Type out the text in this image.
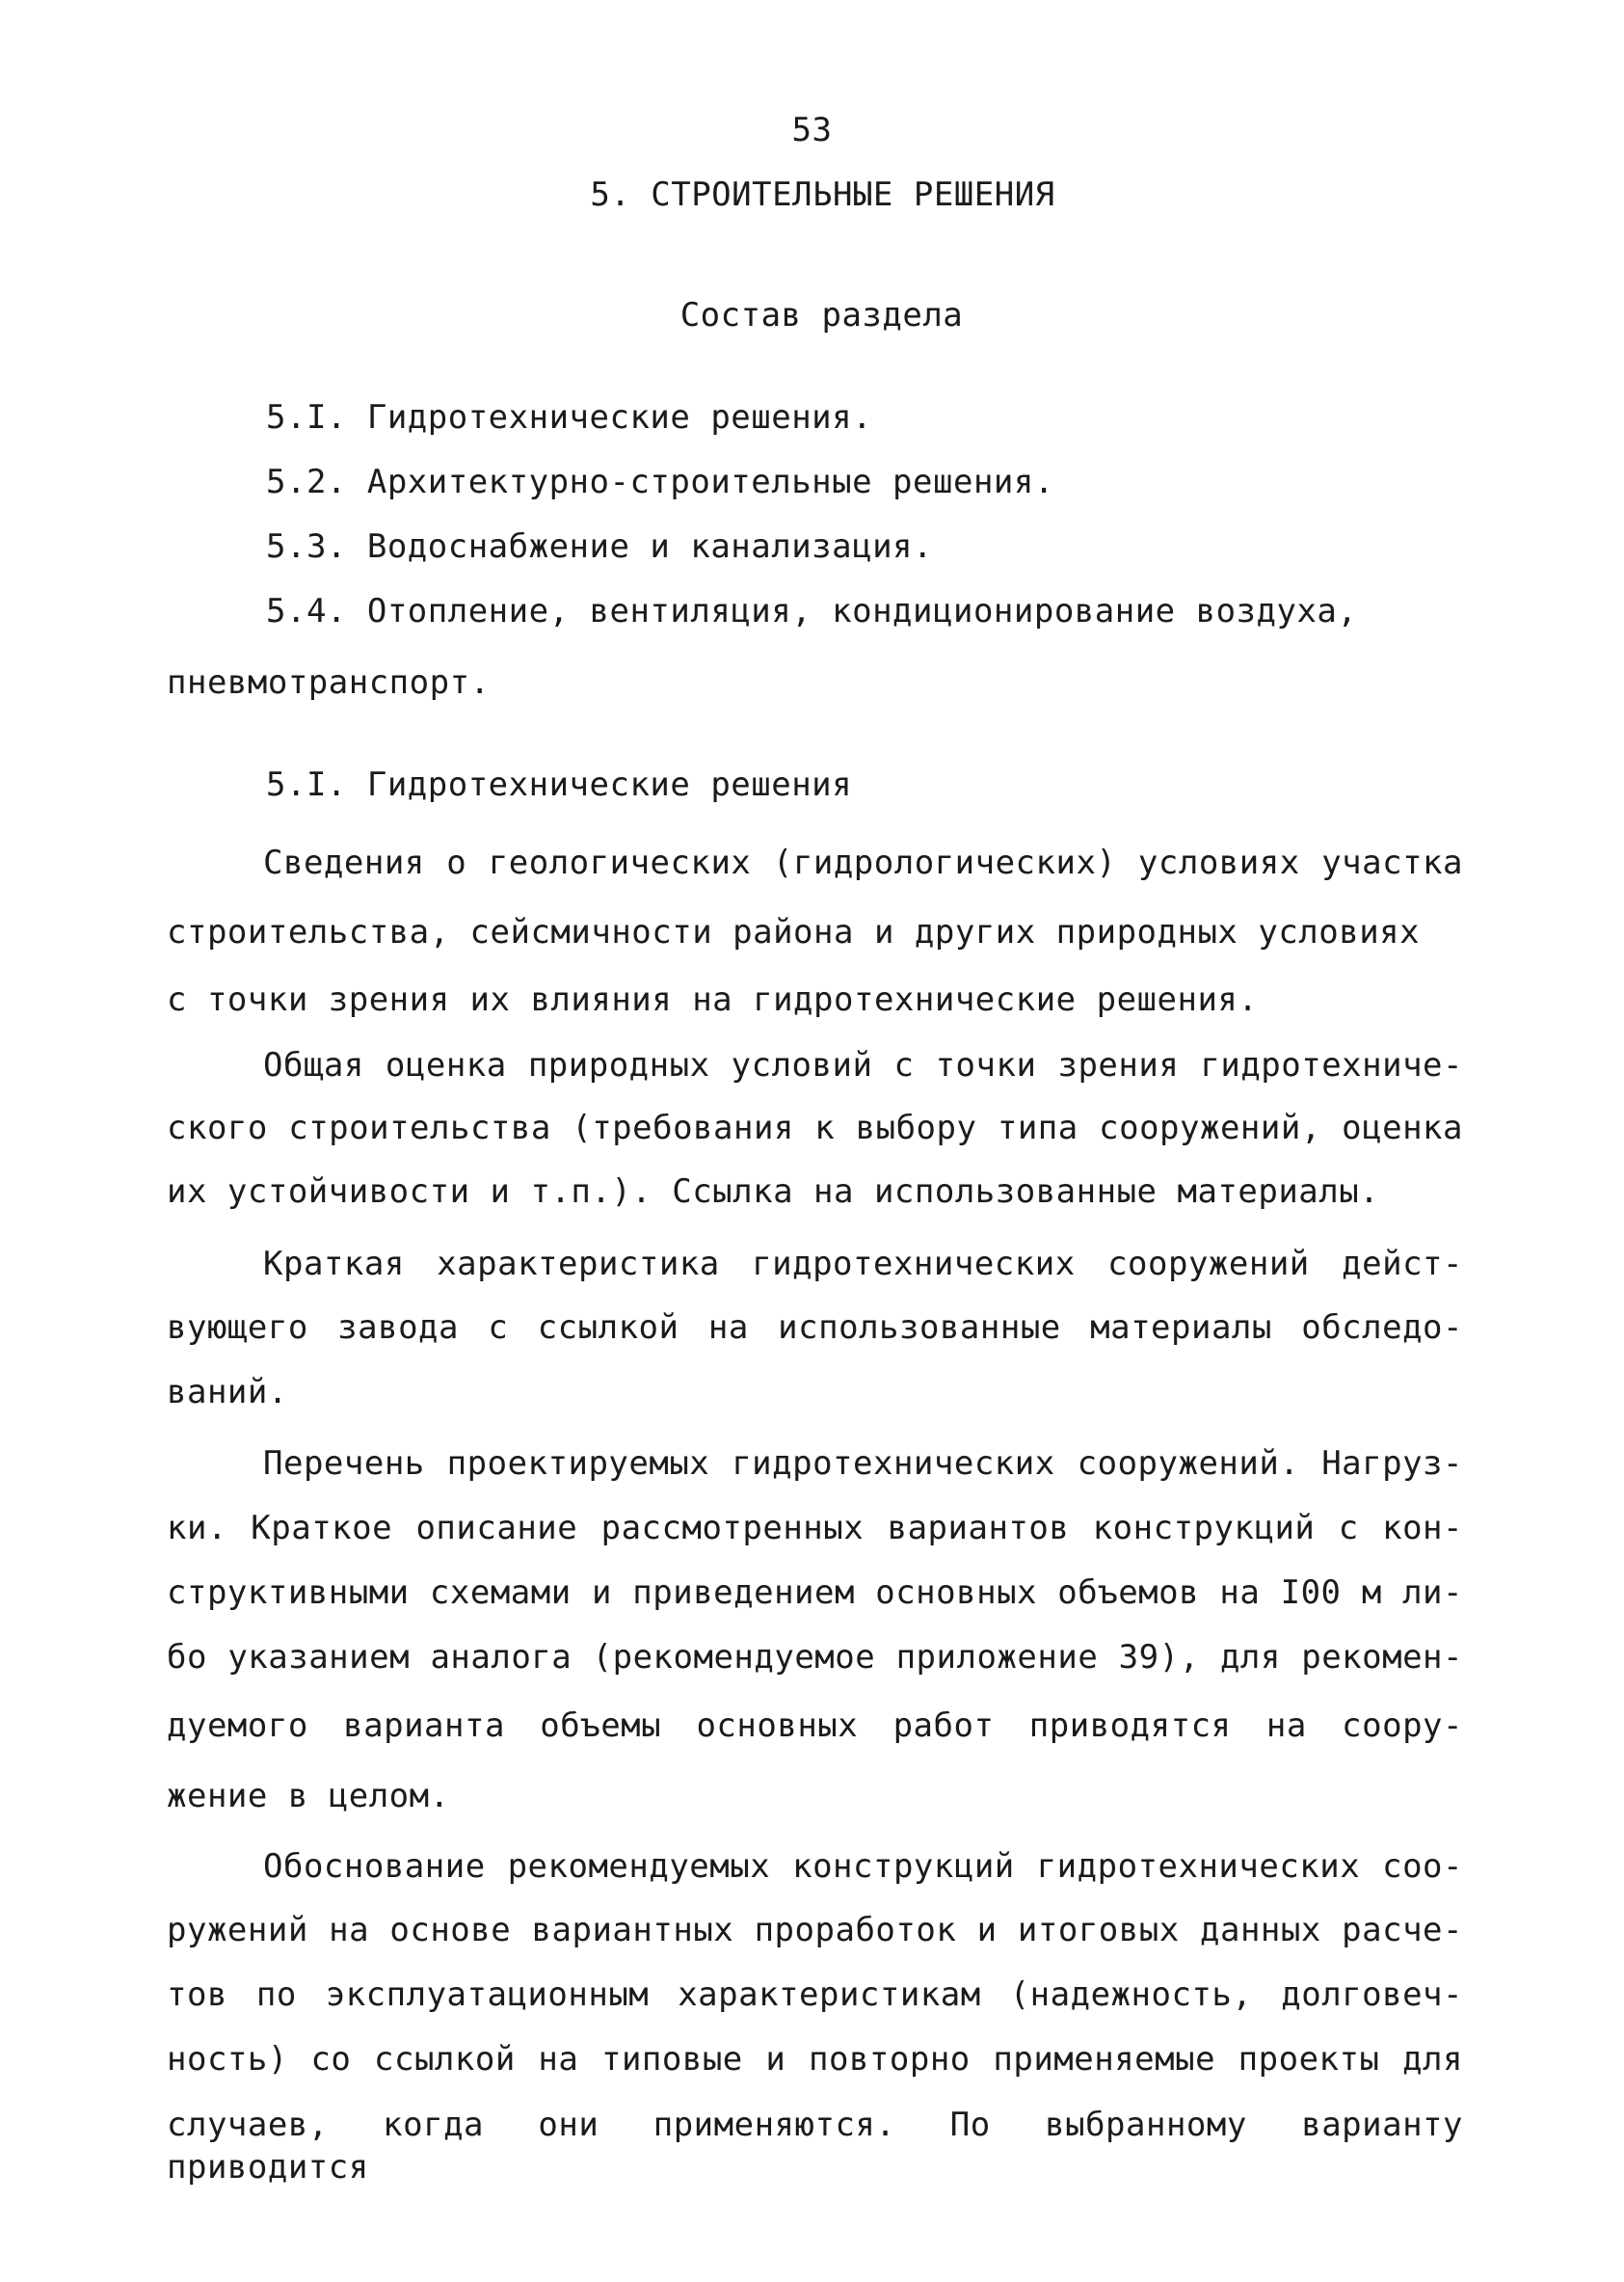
53
5. СТРОИТЕЛЬНЫЕ РЕШЕНИЯ
Состав раздела
5.I. Гидротехнические решения.
5.2. Архитектурно-строительные решения.
5.3. Водоснабжение и канализация.
5.4. Отопление, вентиляция, кондиционирование воздуха,
пневмотранспорт.
5.I. Гидротехнические решения
Сведения о геологических (гидрологических) условиях участка
строительства, сейсмичности района и других природных условиях
с точки зрения их влияния на гидротехнические решения.
Общая оценка природных условий с точки зрения гидротехниче-
ского строительства (требования к выбору типа сооружений, оценка
их устойчивости и т.п.). Ссылка на использованные материалы.
Краткая характеристика гидротехнических сооружений дейст-
вующего завода с ссылкой на использованные материалы обследо-
ваний.
Перечень проектируемых гидротехнических сооружений. Нагруз-
ки. Краткое описание рассмотренных вариантов конструкций с кон-
структивными схемами и приведением основных объемов на I00 м ли-
бо указанием аналога (рекомендуемое приложение 39), для рекомен-
дуемого варианта объемы основных работ приводятся на соору-
жение в целом.
Обоснование рекомендуемых конструкций гидротехнических соо-
ружений на основе вариантных проработок и итоговых данных расче-
тов по эксплуатационным характеристикам (надежность, долговеч-
ность) со ссылкой на типовые и повторно применяемые проекты для
случаев, когда они применяются. По выбранному варианту приводится
